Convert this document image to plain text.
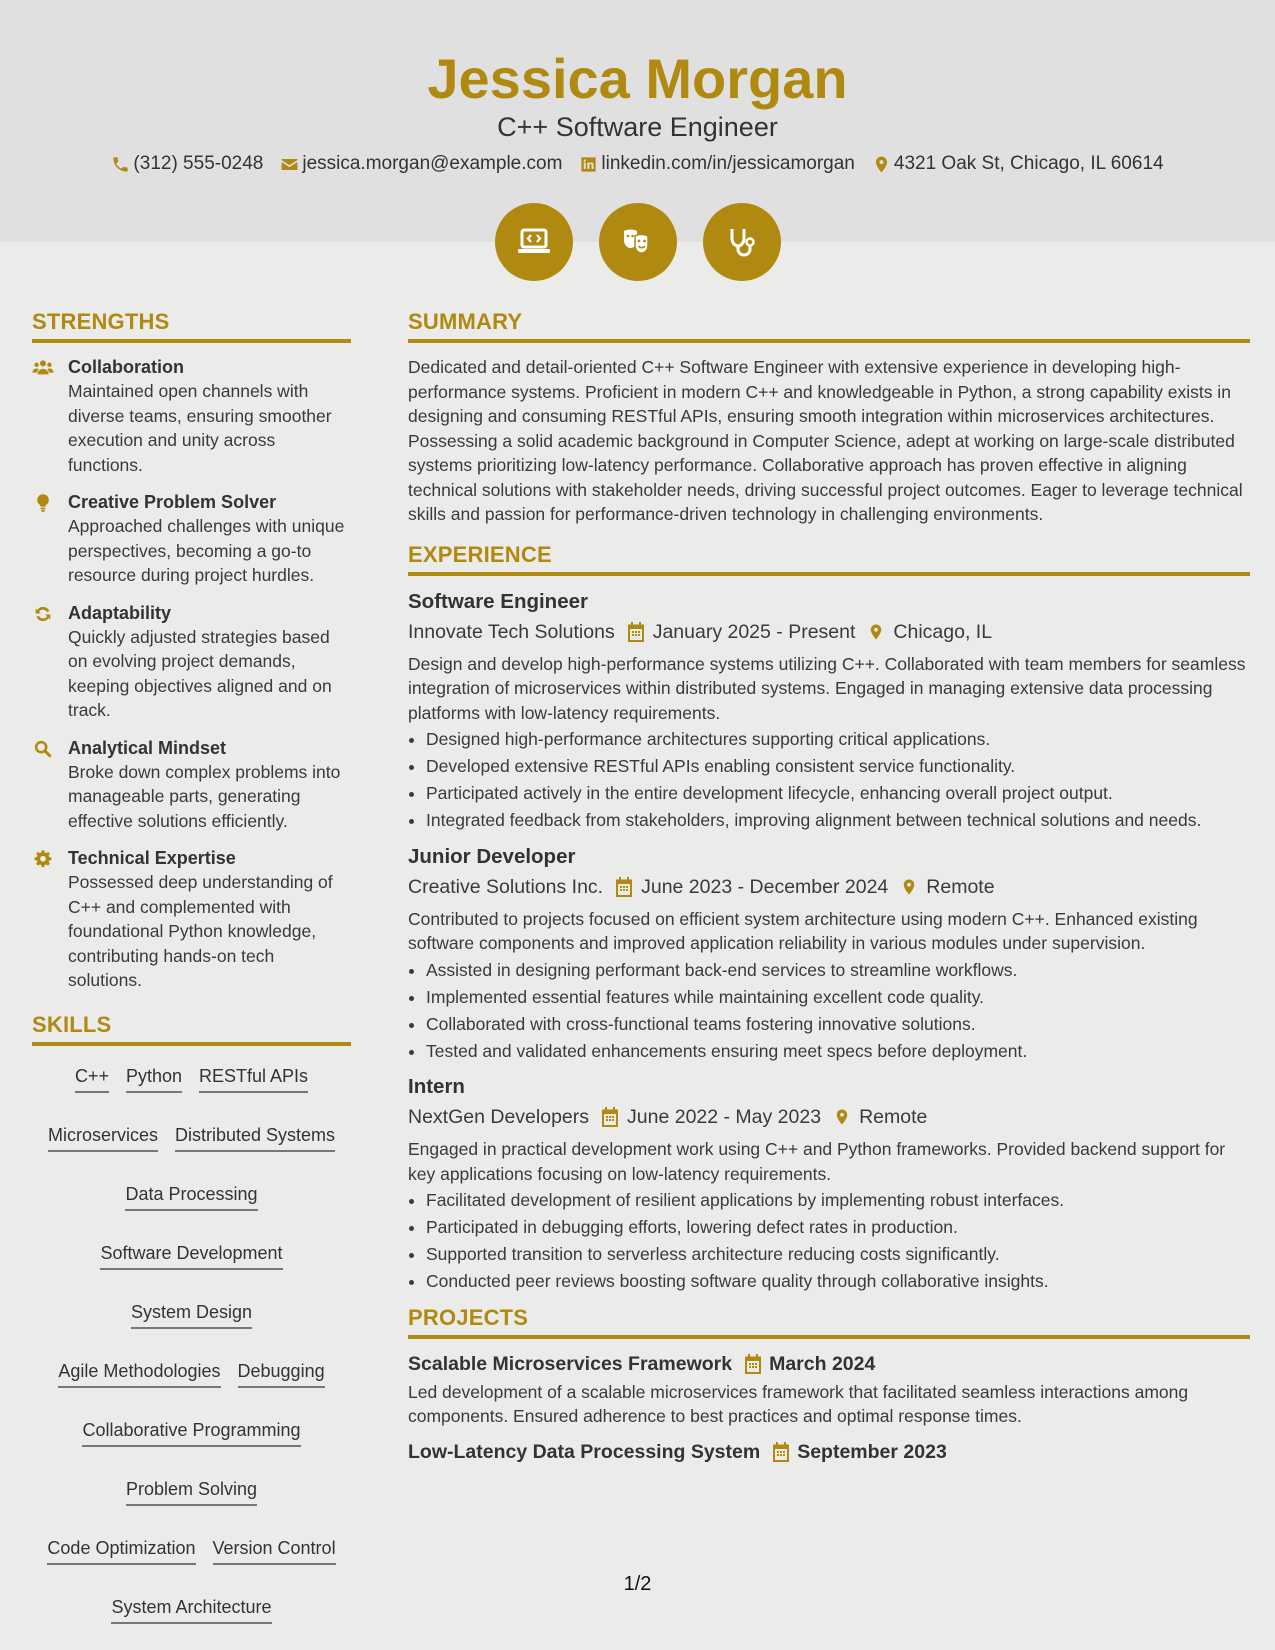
Jessica Morgan
C++ Software Engineer
(312) 555-0248 jessica.morgan@example.com linkedin.com/in/jessicamorgan 4321 Oak St, Chicago, IL 60614
STRENGTHS
Collaboration
Maintained open channels with diverse teams, ensuring smoother execution and unity across functions.
Creative Problem Solver
Approached challenges with unique perspectives, becoming a go-to resource during project hurdles.
Adaptability
Quickly adjusted strategies based on evolving project demands, keeping objectives aligned and on track.
Analytical Mindset
Broke down complex problems into manageable parts, generating effective solutions efficiently.
Technical Expertise
Possessed deep understanding of C++ and complemented with foundational Python knowledge, contributing hands-on tech solutions.
SKILLS
C++ Python RESTful APIs
Microservices Distributed Systems
Data Processing
Software Development
System Design
Agile Methodologies Debugging
Collaborative Programming
Problem Solving
Code Optimization Version Control
System Architecture
SUMMARY
Dedicated and detail-oriented C++ Software Engineer with extensive experience in developing high-performance systems. Proficient in modern C++ and knowledgeable in Python, a strong capability exists in designing and consuming RESTful APIs, ensuring smooth integration within microservices architectures. Possessing a solid academic background in Computer Science, adept at working on large-scale distributed systems prioritizing low-latency performance. Collaborative approach has proven effective in aligning technical solutions with stakeholder needs, driving successful project outcomes. Eager to leverage technical skills and passion for performance-driven technology in challenging environments.
EXPERIENCE
Software Engineer
Innovate Tech Solutions January 2025 - Present Chicago, IL
Design and develop high-performance systems utilizing C++. Collaborated with team members for seamless integration of microservices within distributed systems. Engaged in managing extensive data processing platforms with low-latency requirements.
• Designed high-performance architectures supporting critical applications.
• Developed extensive RESTful APIs enabling consistent service functionality.
• Participated actively in the entire development lifecycle, enhancing overall project output.
• Integrated feedback from stakeholders, improving alignment between technical solutions and needs.
Junior Developer
Creative Solutions Inc. June 2023 - December 2024 Remote
Contributed to projects focused on efficient system architecture using modern C++. Enhanced existing software components and improved application reliability in various modules under supervision.
• Assisted in designing performant back-end services to streamline workflows.
• Implemented essential features while maintaining excellent code quality.
• Collaborated with cross-functional teams fostering innovative solutions.
• Tested and validated enhancements ensuring meet specs before deployment.
Intern
NextGen Developers June 2022 - May 2023 Remote
Engaged in practical development work using C++ and Python frameworks. Provided backend support for key applications focusing on low-latency requirements.
• Facilitated development of resilient applications by implementing robust interfaces.
• Participated in debugging efforts, lowering defect rates in production.
• Supported transition to serverless architecture reducing costs significantly.
• Conducted peer reviews boosting software quality through collaborative insights.
PROJECTS
Scalable Microservices Framework March 2024
Led development of a scalable microservices framework that facilitated seamless interactions among components. Ensured adherence to best practices and optimal response times.
Low-Latency Data Processing System September 2023
1/2
